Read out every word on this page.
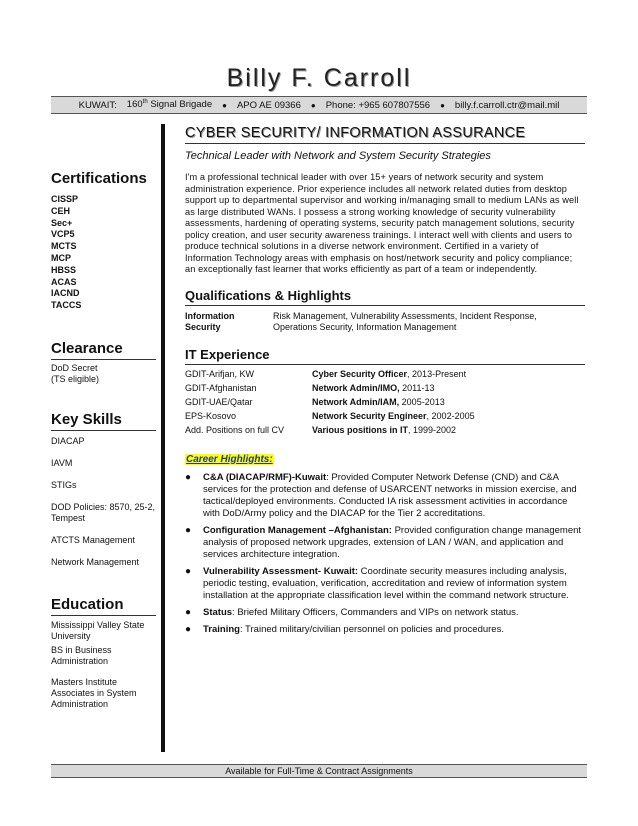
Billy F. Carroll
KUWAIT: 160th Signal Brigade ● APO AE 09366 ● Phone: +965 607807556 ● billy.f.carroll.ctr@mail.mil
Certifications
CISSP
CEH
Sec+
VCP5
MCTS
MCP
HBSS
ACAS
IACND
TACCS
Clearance
DoD Secret
(TS eligible)
Key Skills
DIACAP
IAVM
STIGs
DOD Policies: 8570, 25-2, Tempest
ATCTS Management
Network Management
Education
Mississippi Valley State University
BS in Business Administration
Masters Institute Associates in System Administration
CYBER SECURITY/ INFORMATION ASSURANCE
Technical Leader with Network and System Security Strategies
I'm a professional technical leader with over 15+ years of network security and system administration experience. Prior experience includes all network related duties from desktop support up to departmental supervisor and working in/managing small to medium LANs as well as large distributed WANs. I possess a strong working knowledge of security vulnerability assessments, hardening of operating systems, security patch management solutions, security policy creation, and user security awareness trainings. I interact well with clients and users to produce technical solutions in a diverse network environment. Certified in a variety of Information Technology areas with emphasis on host/network security and policy compliance; an exceptionally fast learner that works efficiently as part of a team or independently.
Qualifications & Highlights
Information	Risk Management, Vulnerability Assessments, Incident Response,
Security	Operations Security, Information Management
IT Experience
GDIT-Arifjan, KW	Cyber Security Officer, 2013-Present
GDIT-Afghanistan	Network Admin/IMO, 2011-13
GDIT-UAE/Qatar	Network Admin/IAM, 2005-2013
EPS-Kosovo	Network Security Engineer, 2002-2005
Add. Positions on full CV	Various positions in IT, 1999-2002
Career Highlights:
● C&A (DIACAP/RMF)-Kuwait: Provided Computer Network Defense (CND) and C&A services for the protection and defense of USARCENT networks in mission exercise, and tactical/deployed environments. Conducted IA risk assessment activities in accordance with DoD/Army policy and the DIACAP for the Tier 2 accreditations.
● Configuration Management –Afghanistan: Provided configuration change management analysis of proposed network upgrades, extension of LAN / WAN, and application and services architecture integration.
● Vulnerability Assessment- Kuwait: Coordinate security measures including analysis, periodic testing, evaluation, verification, accreditation and review of information system installation at the appropriate classification level within the command network structure.
● Status: Briefed Military Officers, Commanders and VIPs on network status.
● Training: Trained military/civilian personnel on policies and procedures.
Available for Full-Time & Contract Assignments
